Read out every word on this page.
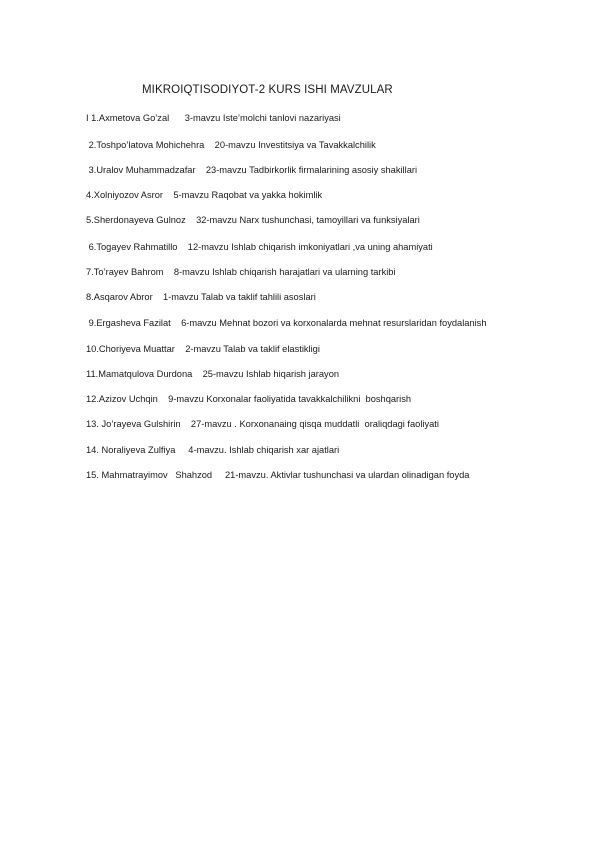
MIKROIQTISODIYOT-2 KURS ISHI MAVZULAR
I 1.Axmetova Go’zal      3-mavzu Iste’molchi tanlovi nazariyasi
2.Toshpo’latova Mohichehra    20-mavzu Investitsiya va Tavakkalchilik
3.Uralov Muhammadzafar    23-mavzu Tadbirkorlik firmalarining asosiy shakillari
4.Xolniyozov Asror    5-mavzu Raqobat va yakka hokimlik
5.Sherdonayeva Gulnoz    32-mavzu Narx tushunchasi, tamoyillari va funksiyalari
6.Togayev Rahmatillo    12-mavzu Ishlab chiqarish imkoniyatlari ,va uning ahamiyati
7.To’rayev Bahrom    8-mavzu Ishlab chiqarish harajatlari va ularning tarkibi
8.Asqarov Abror    1-mavzu Talab va taklif tahlili asoslari
9.Ergasheva Fazilat    6-mavzu Mehnat bozori va korxonalarda mehnat resurslaridan foydalanish
10.Choriyeva Muattar    2-mavzu Talab va taklif elastikligi
11.Mamatqulova Durdona    25-mavzu Ishlab hiqarish jarayon
12.Azizov Uchqin    9-mavzu Korxonalar faoliyatida tavakkalchilikni  boshqarish
13. Jo’rayeva Gulshirin    27-mavzu . Korxonanaing qisqa muddatli  oraliqdagi faoliyati
14. Noraliyeva Zulfiya     4-mavzu. Ishlab chiqarish xar ajatlari
15. Mahmatrayimov   Shahzod     21-mavzu. Aktivlar tushunchasi va ulardan olinadigan foyda
